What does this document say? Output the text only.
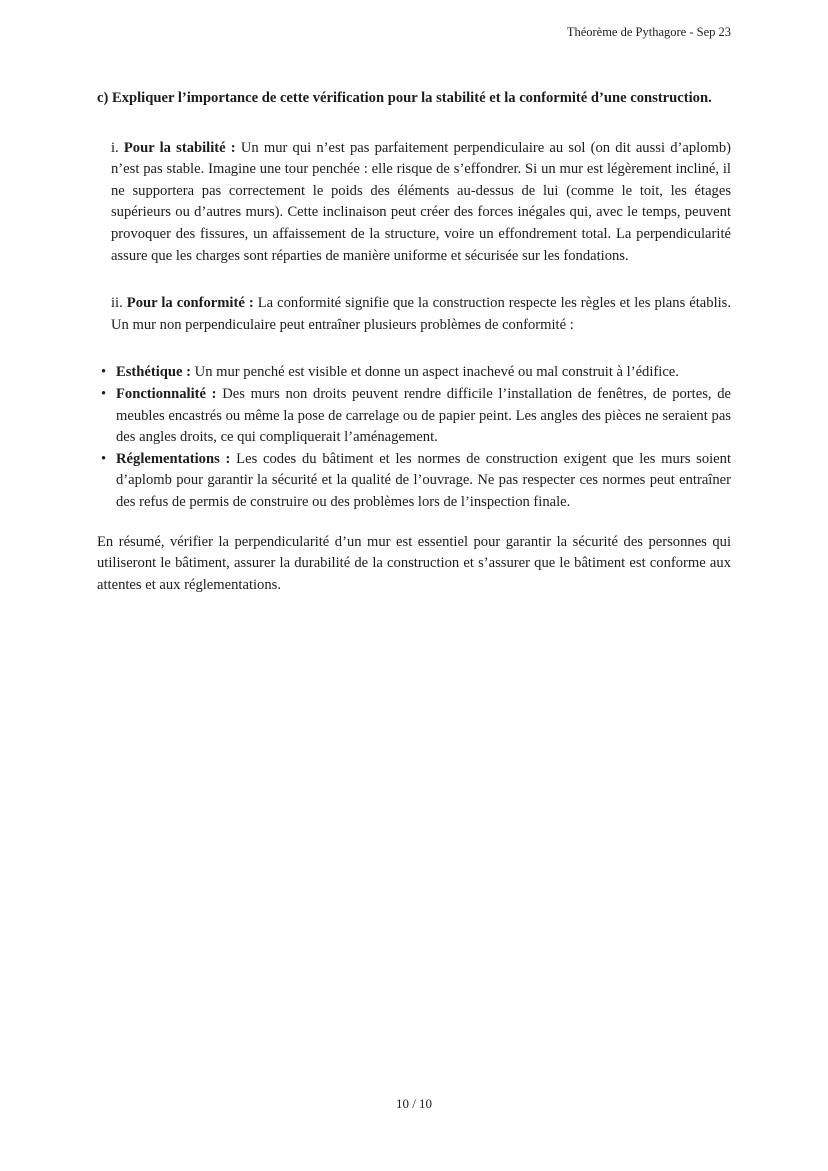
Théorème de Pythagore - Sep 23

c) Expliquer l’importance de cette vérification pour la stabilité et la conformité d’une construction.

i. Pour la stabilité : Un mur qui n’est pas parfaitement perpendiculaire au sol (on dit aussi d’aplomb) n’est pas stable. Imagine une tour penchée : elle risque de s’effondrer. Si un mur est légèrement incliné, il ne supportera pas correctement le poids des éléments au-dessus de lui (comme le toit, les étages supérieurs ou d’autres murs). Cette inclinaison peut créer des forces inégales qui, avec le temps, peuvent provoquer des fissures, un affaissement de la structure, voire un effondrement total. La perpendicularité assure que les charges sont réparties de manière uniforme et sécurisée sur les fondations.

ii. Pour la conformité : La conformité signifie que la construction respecte les règles et les plans établis. Un mur non perpendiculaire peut entraîner plusieurs problèmes de conformité :

• Esthétique : Un mur penché est visible et donne un aspect inachevé ou mal construit à l’édifice.
• Fonctionnalité : Des murs non droits peuvent rendre difficile l’installation de fenêtres, de portes, de meubles encastrés ou même la pose de carrelage ou de papier peint. Les angles des pièces ne seraient pas des angles droits, ce qui compliquerait l’aménagement.
• Réglementations : Les codes du bâtiment et les normes de construction exigent que les murs soient d’aplomb pour garantir la sécurité et la qualité de l’ouvrage. Ne pas respecter ces normes peut entraîner des refus de permis de construire ou des problèmes lors de l’inspection finale.

En résumé, vérifier la perpendicularité d’un mur est essentiel pour garantir la sécurité des personnes qui utiliseront le bâtiment, assurer la durabilité de la construction et s’assurer que le bâtiment est conforme aux attentes et aux réglementations.

10 / 10
